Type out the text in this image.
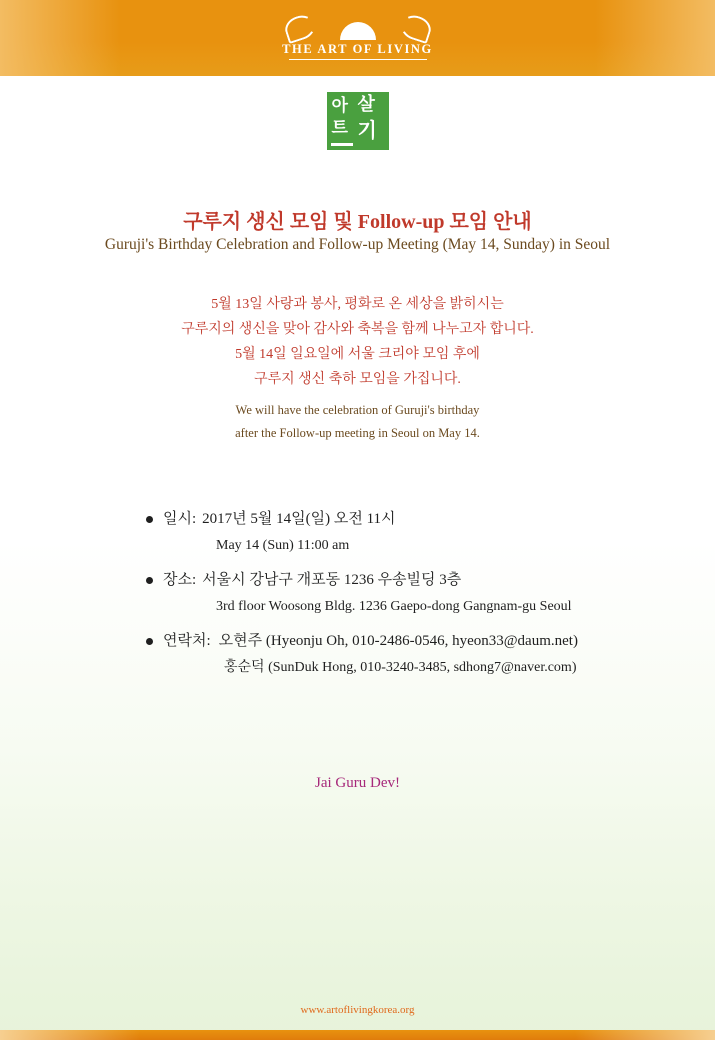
THE ART OF LIVING
아 살
트 기
구루지 생신 모임 및 Follow-up 모임 안내
Guruji's Birthday Celebration and Follow-up Meeting (May 14, Sunday) in Seoul
5월 13일 사랑과 봉사, 평화로 온 세상을 밝히시는
구루지의 생신을 맞아 감사와 축복을 함께 나누고자 합니다.
5월 14일 일요일에 서울 크리야 모임 후에
구루지 생신 축하 모임을 가집니다.
We will have the celebration of Guruji's birthday
after the Follow-up meeting in Seoul on May 14.
일시: 2017년 5월 14일(일) 오전 11시
May 14 (Sun) 11:00 am
장소: 서울시 강남구 개포동 1236 우송빌딩 3층
3rd floor Woosong Bldg. 1236 Gaepo-dong Gangnam-gu Seoul
연락처: 오현주 (Hyeonju Oh, 010-2486-0546, hyeon33@daum.net)
홍순덕 (SunDuk Hong, 010-3240-3485, sdhong7@naver.com)
Jai Guru Dev!
www.artoflivingkorea.org
